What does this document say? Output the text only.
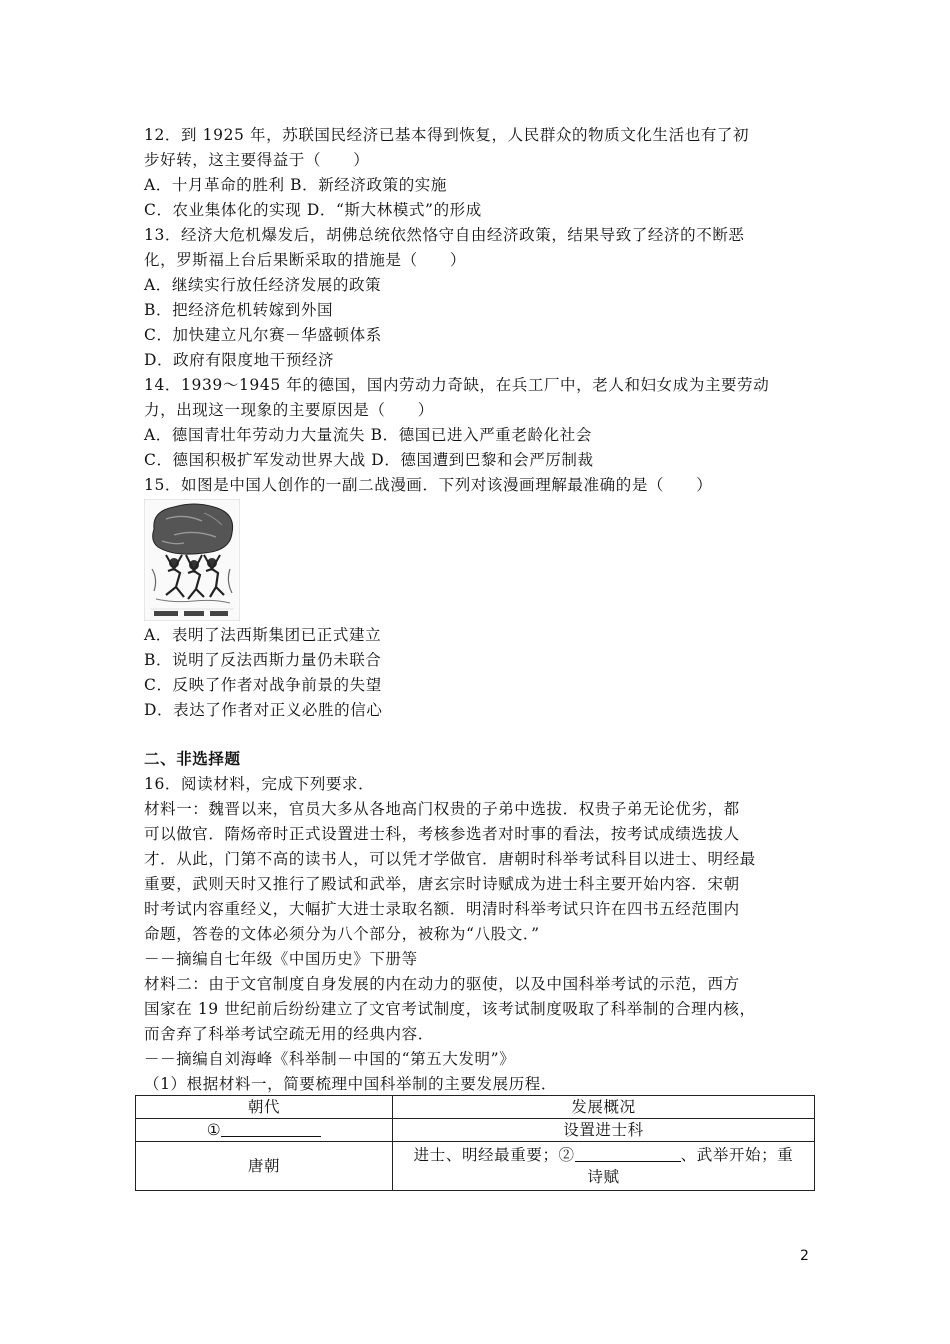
12．到 1925 年，苏联国民经济已基本得到恢复，人民群众的物质文化生活也有了初
步好转，这主要得益于（　　）
A．十月革命的胜利 B．新经济政策的实施
C．农业集体化的实现 D．“斯大林模式”的形成
13．经济大危机爆发后，胡佛总统依然恪守自由经济政策，结果导致了经济的不断恶
化，罗斯福上台后果断采取的措施是（　　）
A．继续实行放任经济发展的政策
B．把经济危机转嫁到外国
C．加快建立凡尔赛－华盛顿体系
D．政府有限度地干预经济
14．1939～1945 年的德国，国内劳动力奇缺，在兵工厂中，老人和妇女成为主要劳动
力，出现这一现象的主要原因是（　　）
A．德国青壮年劳动力大量流失 B．德国已进入严重老龄化社会
C．德国积极扩军发动世界大战 D．德国遭到巴黎和会严厉制裁
15．如图是中国人创作的一副二战漫画．下列对该漫画理解最准确的是（　　）
A．表明了法西斯集团已正式建立
B．说明了反法西斯力量仍未联合
C．反映了作者对战争前景的失望
D．表达了作者对正义必胜的信心
二、非选择题
16．阅读材料，完成下列要求．
材料一：魏晋以来，官员大多从各地高门权贵的子弟中选拔．权贵子弟无论优劣，都
可以做官．隋炀帝时正式设置进士科，考核参选者对时事的看法，按考试成绩选拔人
才．从此，门第不高的读书人，可以凭才学做官．唐朝时科举考试科目以进士、明经最
重要，武则天时又推行了殿试和武举，唐玄宗时诗赋成为进士科主要开始内容．宋朝
时考试内容重经义，大幅扩大进士录取名额．明清时科举考试只许在四书五经范围内
命题，答卷的文体必须分为八个部分，被称为“八股文．”
－－摘编自七年级《中国历史》下册等
材料二：由于文官制度自身发展的内在动力的驱使，以及中国科举考试的示范，西方
国家在 19 世纪前后纷纷建立了文官考试制度，该考试制度吸取了科举制的合理内核，
而舍弃了科举考试空疏无用的经典内容．
－－摘编自刘海峰《科举制－中国的“第五大发明”》
（1）根据材料一，简要梳理中国科举制的主要发展历程．
朝代	发展概况
①	设置进士科
唐朝	进士、明经最重要；② 、武举开始；重
诗赋
2
